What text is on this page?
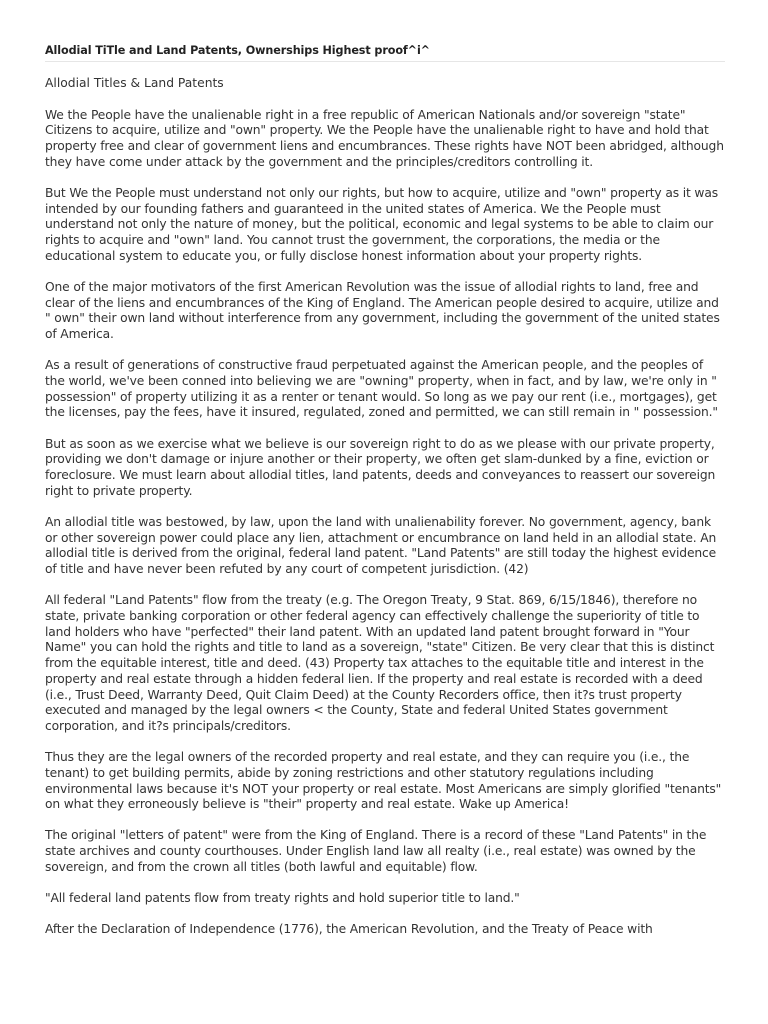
Allodial TiTle and Land Patents, Ownerships Highest proof^i^

Allodial Titles & Land Patents

We the People have the unalienable right in a free republic of American Nationals and/or sovereign "state" Citizens to acquire, utilize and "own" property. We the People have the unalienable right to have and hold that property free and clear of government liens and encumbrances. These rights have NOT been abridged, although they have come under attack by the government and the principles/creditors controlling it.

But We the People must understand not only our rights, but how to acquire, utilize and "own" property as it was intended by our founding fathers and guaranteed in the united states of America. We the People must understand not only the nature of money, but the political, economic and legal systems to be able to claim our rights to acquire and "own" land. You cannot trust the government, the corporations, the media or the educational system to educate you, or fully disclose honest information about your property rights.

One of the major motivators of the first American Revolution was the issue of allodial rights to land, free and clear of the liens and encumbrances of the King of England. The American people desired to acquire, utilize and " own" their own land without interference from any government, including the government of the united states of America.

As a result of generations of constructive fraud perpetuated against the American people, and the peoples of the world, we've been conned into believing we are "owning" property, when in fact, and by law, we're only in " possession" of property utilizing it as a renter or tenant would. So long as we pay our rent (i.e., mortgages), get the licenses, pay the fees, have it insured, regulated, zoned and permitted, we can still remain in " possession."

But as soon as we exercise what we believe is our sovereign right to do as we please with our private property, providing we don't damage or injure another or their property, we often get slam-dunked by a fine, eviction or foreclosure. We must learn about allodial titles, land patents, deeds and conveyances to reassert our sovereign right to private property.

An allodial title was bestowed, by law, upon the land with unalienability forever. No government, agency, bank or other sovereign power could place any lien, attachment or encumbrance on land held in an allodial state. An allodial title is derived from the original, federal land patent. "Land Patents" are still today the highest evidence of title and have never been refuted by any court of competent jurisdiction. (42)

All federal "Land Patents" flow from the treaty (e.g. The Oregon Treaty, 9 Stat. 869, 6/15/1846), therefore no state, private banking corporation or other federal agency can effectively challenge the superiority of title to land holders who have "perfected" their land patent. With an updated land patent brought forward in "Your Name" you can hold the rights and title to land as a sovereign, "state" Citizen. Be very clear that this is distinct from the equitable interest, title and deed. (43) Property tax attaches to the equitable title and interest in the property and real estate through a hidden federal lien. If the property and real estate is recorded with a deed (i.e., Trust Deed, Warranty Deed, Quit Claim Deed) at the County Recorders office, then it?s trust property executed and managed by the legal owners < the County, State and federal United States government corporation, and it?s principals/creditors.

Thus they are the legal owners of the recorded property and real estate, and they can require you (i.e., the tenant) to get building permits, abide by zoning restrictions and other statutory regulations including environmental laws because it's NOT your property or real estate. Most Americans are simply glorified "tenants" on what they erroneously believe is "their" property and real estate. Wake up America!

The original "letters of patent" were from the King of England. There is a record of these "Land Patents" in the state archives and county courthouses. Under English land law all realty (i.e., real estate) was owned by the sovereign, and from the crown all titles (both lawful and equitable) flow.

"All federal land patents flow from treaty rights and hold superior title to land."

After the Declaration of Independence (1776), the American Revolution, and the Treaty of Peace with
